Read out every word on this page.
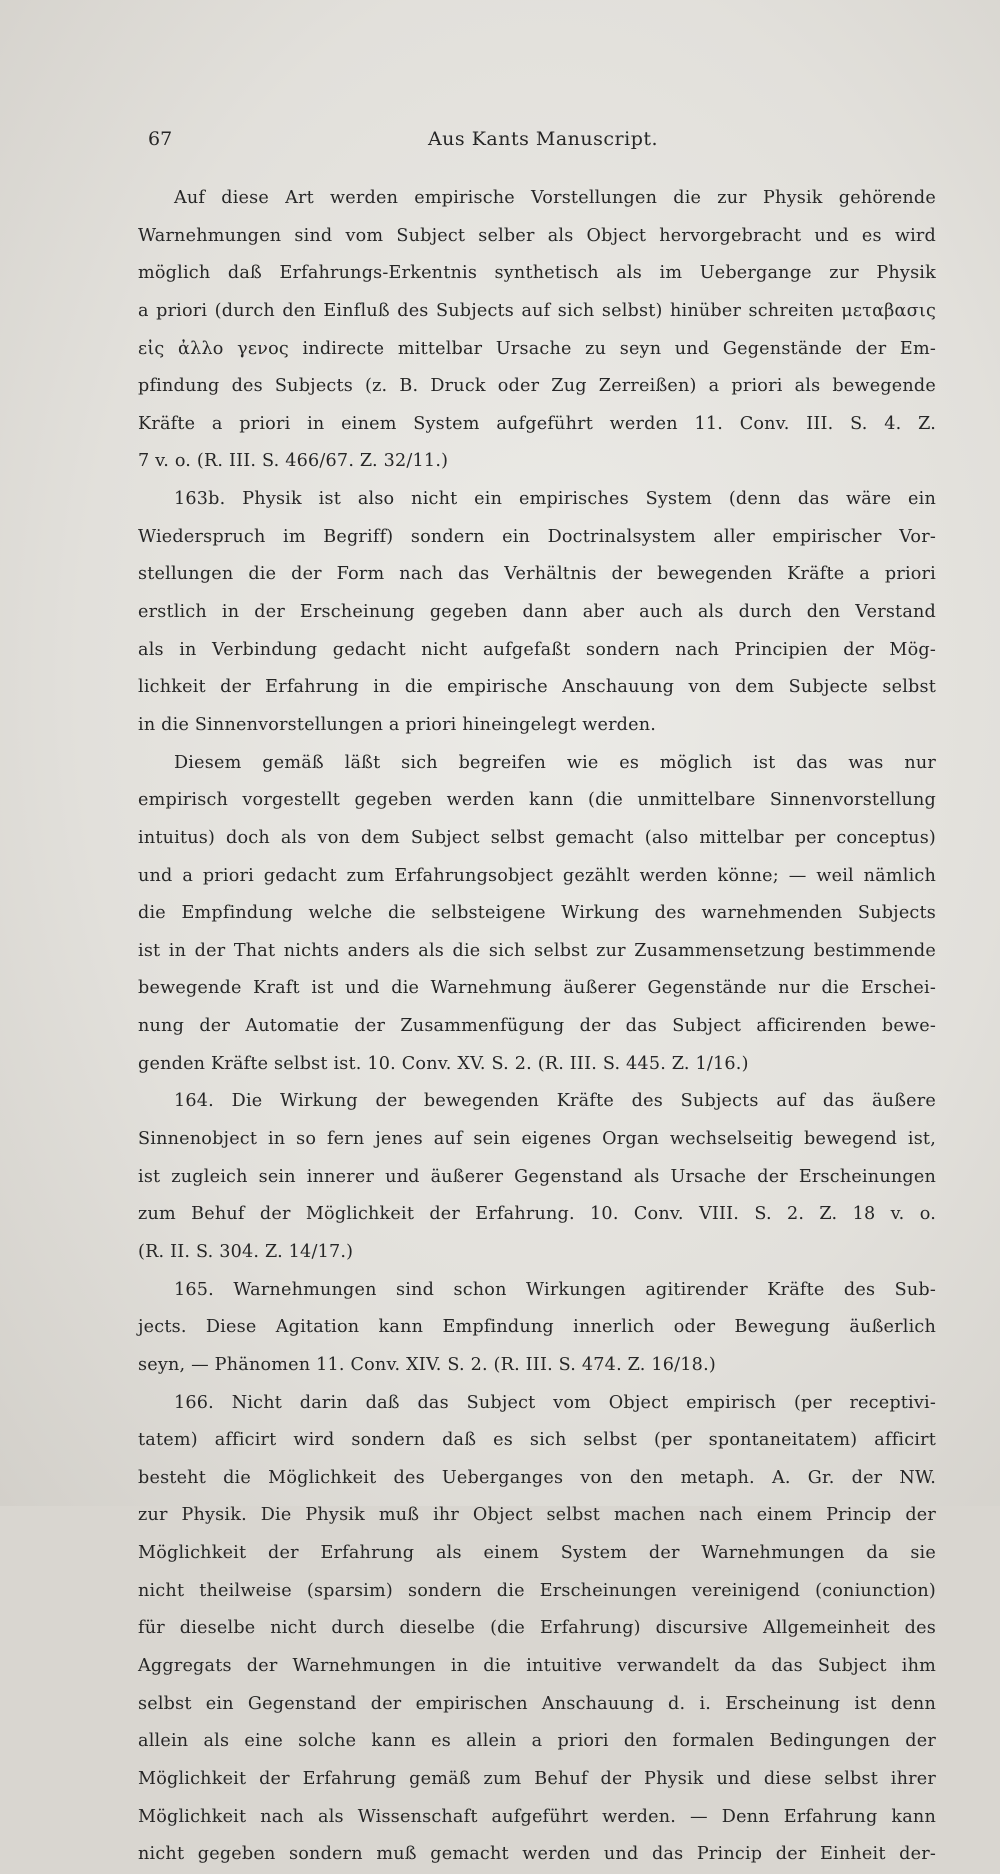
67	Aus Kants Manuscript.
Auf diese Art werden empirische Vorstellungen die zur Physik gehörende
Warnehmungen sind vom Subject selber als Object hervorgebracht und es wird
möglich daß Erfahrungs-Erkentnis synthetisch als im Uebergange zur Physik
a priori (durch den Einfluß des Subjects auf sich selbst) hinüber schreiten μεταβασις
εἰς ἀλλο γενος indirecte mittelbar Ursache zu seyn und Gegenstände der Em-
pfindung des Subjects (z. B. Druck oder Zug Zerreißen) a priori als bewegende
Kräfte a priori in einem System aufgeführt werden 11. Conv. III. S. 4. Z.
7 v. o. (R. III. S. 466/67. Z. 32/11.)
163b. Physik ist also nicht ein empirisches System (denn das wäre ein
Wiederspruch im Begriff) sondern ein Doctrinalsystem aller empirischer Vor-
stellungen die der Form nach das Verhältnis der bewegenden Kräfte a priori
erstlich in der Erscheinung gegeben dann aber auch als durch den Verstand
als in Verbindung gedacht nicht aufgefaßt sondern nach Principien der Mög-
lichkeit der Erfahrung in die empirische Anschauung von dem Subjecte selbst
in die Sinnenvorstellungen a priori hineingelegt werden.
Diesem gemäß läßt sich begreifen wie es möglich ist das was nur
empirisch vorgestellt gegeben werden kann (die unmittelbare Sinnenvorstellung
intuitus) doch als von dem Subject selbst gemacht (also mittelbar per conceptus)
und a priori gedacht zum Erfahrungsobject gezählt werden könne; — weil nämlich
die Empfindung welche die selbsteigene Wirkung des warnehmenden Subjects
ist in der That nichts anders als die sich selbst zur Zusammensetzung bestimmende
bewegende Kraft ist und die Warnehmung äußerer Gegenstände nur die Erschei-
nung der Automatie der Zusammenfügung der das Subject afficirenden bewe-
genden Kräfte selbst ist. 10. Conv. XV. S. 2. (R. III. S. 445. Z. 1/16.)
164. Die Wirkung der bewegenden Kräfte des Subjects auf das äußere
Sinnenobject in so fern jenes auf sein eigenes Organ wechselseitig bewegend ist,
ist zugleich sein innerer und äußerer Gegenstand als Ursache der Erscheinungen
zum Behuf der Möglichkeit der Erfahrung. 10. Conv. VIII. S. 2. Z. 18 v. o.
(R. II. S. 304. Z. 14/17.)
165. Warnehmungen sind schon Wirkungen agitirender Kräfte des Sub-
jects. Diese Agitation kann Empfindung innerlich oder Bewegung äußerlich
seyn, — Phänomen 11. Conv. XIV. S. 2. (R. III. S. 474. Z. 16/18.)
166. Nicht darin daß das Subject vom Object empirisch (per receptivi-
tatem) afficirt wird sondern daß es sich selbst (per spontaneitatem) afficirt
besteht die Möglichkeit des Ueberganges von den metaph. A. Gr. der NW.
zur Physik. Die Physik muß ihr Object selbst machen nach einem Princip der
Möglichkeit der Erfahrung als einem System der Warnehmungen da sie
nicht theilweise (sparsim) sondern die Erscheinungen vereinigend (coniunction)
für dieselbe nicht durch dieselbe (die Erfahrung) discursive Allgemeinheit des
Aggregats der Warnehmungen in die intuitive verwandelt da das Subject ihm
selbst ein Gegenstand der empirischen Anschauung d. i. Erscheinung ist denn
allein als eine solche kann es allein a priori den formalen Bedingungen der
Möglichkeit der Erfahrung gemäß zum Behuf der Physik und diese selbst ihrer
Möglichkeit nach als Wissenschaft aufgeführt werden. — Denn Erfahrung kann
nicht gegeben sondern muß gemacht werden und das Princip der Einheit der-
